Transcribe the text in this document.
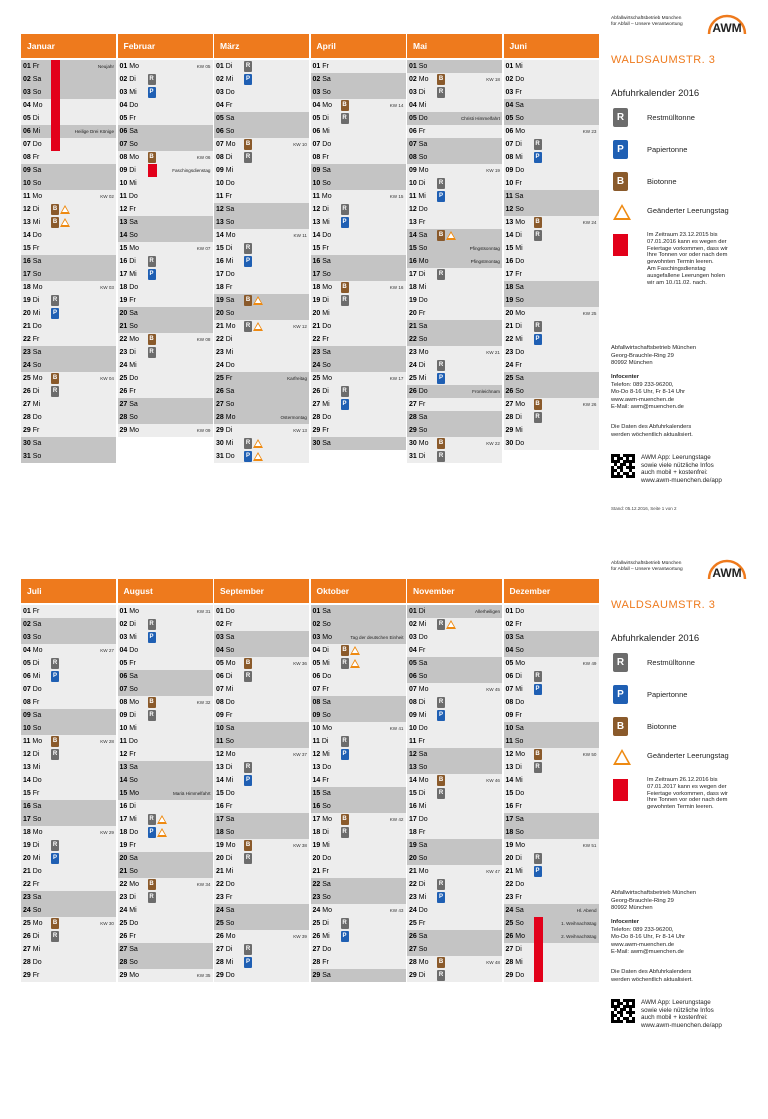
Januar
01 Fr	Neujahr
02 Sa
03 So
04 Mo
05 Di
06 Mi	Heilige Drei Könige
07 Do
08 Fr
09 Sa
10 So
11 Mo	KW 02
12 Di	B
13 Mi	B
14 Do
15 Fr
16 Sa
17 So
18 Mo	KW 03
19 Di	R
20 Mi	P
21 Do
22 Fr
23 Sa
24 So
25 Mo	B	KW 04
26 Di	R
27 Mi
28 Do
29 Fr
30 Sa
31 So
Februar
01 Mo	KW 05
02 Di	R
03 Mi	P
04 Do
05 Fr
06 Sa
07 So
08 Mo	B	KW 06
09 Di	Faschingsdienstag
10 Mi
11 Do
12 Fr
13 Sa
14 So
15 Mo	KW 07
16 Di	R
17 Mi	P
18 Do
19 Fr
20 Sa
21 So
22 Mo	B	KW 08
23 Di	R
24 Mi
25 Do
26 Fr
27 Sa
28 So
29 Mo	KW 09
März
01 Di	R
02 Mi	P
03 Do
04 Fr
05 Sa
06 So
07 Mo	B	KW 10
08 Di	R
09 Mi
10 Do
11 Fr
12 Sa
13 So
14 Mo	KW 11
15 Di	R
16 Mi	P
17 Do
18 Fr
19 Sa	B
20 So
21 Mo	R	KW 12
22 Di
23 Mi
24 Do
25 Fr	Karfreitag
26 Sa
27 So
28 Mo	Ostermontag
29 Di	KW 13
30 Mi	R
31 Do	P
April
01 Fr
02 Sa
03 So
04 Mo	B	KW 14
05 Di	R
06 Mi
07 Do
08 Fr
09 Sa
10 So
11 Mo	KW 15
12 Di	R
13 Mi	P
14 Do
15 Fr
16 Sa
17 So
18 Mo	B	KW 16
19 Di	R
20 Mi
21 Do
22 Fr
23 Sa
24 So
25 Mo	KW 17
26 Di	R
27 Mi	P
28 Do
29 Fr
30 Sa
Mai
01 So
02 Mo	B	KW 18
03 Di	R
04 Mi
05 Do	Christi Himmelfahrt
06 Fr
07 Sa
08 So
09 Mo	KW 19
10 Di	R
11 Mi	P
12 Do
13 Fr
14 Sa	B
15 So	Pfingstsonntag
16 Mo	Pfingstmontag
17 Di	R
18 Mi
19 Do
20 Fr
21 Sa
22 So
23 Mo	KW 21
24 Di	R
25 Mi	P
26 Do	Fronleichnam
27 Fr
28 Sa
29 So
30 Mo	B	KW 22
31 Di	R
Juni
01 Mi
02 Do
03 Fr
04 Sa
05 So
06 Mo	KW 23
07 Di	R
08 Mi	P
09 Do
10 Fr
11 Sa
12 So
13 Mo	B	KW 24
14 Di	R
15 Mi
16 Do
17 Fr
18 Sa
19 So
20 Mo	KW 25
21 Di	R
22 Mi	P
23 Do
24 Fr
25 Sa
26 So
27 Mo	B	KW 26
28 Di	R
29 Mi
30 Do
Abfallwirtschaftsbetrieb München
für Abfall – Unsere Verantwortung AWM
WALDSAUMSTR. 3
Abfuhrkalender 2016
R	Restmülltonne
P	Papiertonne
B	Biotonne
Geänderter Leerungstag
Im Zeitraum 23.12.2015 bis
07.01.2016 kann es wegen der
Feiertage vorkommen, dass wir
Ihre Tonnen vor oder nach dem
gewohnten Termin leeren.
Am Faschingsdienstag
ausgefallene Leerungen holen
wir am 10./11.02. nach.
Abfallwirtschaftsbetrieb München
Georg-Brauchle-Ring 29
80992 München
Infocenter
Telefon: 089 233-96200,
Mo-Do 8-16 Uhr, Fr 8-14 Uhr
www.awm-muenchen.de
E-Mail: awm@muenchen.de
Die Daten des Abfuhrkalenders
werden wöchentlich aktualisiert.
AWM App: Leerungstage
sowie viele nützliche Infos
auch mobil + kostenfrei:
www.awm-muenchen.de/app
Stand: 05.12.2016, Seite 1 von 2
Juli
01 Fr
02 Sa
03 So
04 Mo	KW 27
05 Di	R
06 Mi	P
07 Do
08 Fr
09 Sa
10 So
11 Mo	B	KW 28
12 Di	R
13 Mi
14 Do
15 Fr
16 Sa
17 So
18 Mo	KW 29
19 Di	R
20 Mi	P
21 Do
22 Fr
23 Sa
24 So
25 Mo	B	KW 30
26 Di	R
27 Mi
28 Do
29 Fr
August
01 Mo	KW 31
02 Di	R
03 Mi	P
04 Do
05 Fr
06 Sa
07 So
08 Mo	B	KW 32
09 Di	R
10 Mi
11 Do
12 Fr
13 Sa
14 So
15 Mo	Mariä Himmelfahrt
16 Di
17 Mi	R
18 Do	P
19 Fr
20 Sa
21 So
22 Mo	B	KW 34
23 Di	R
24 Mi
25 Do
26 Fr
27 Sa
28 So
29 Mo	KW 35
September
01 Do
02 Fr
03 Sa
04 So
05 Mo	B	KW 36
06 Di	R
07 Mi
08 Do
09 Fr
10 Sa
11 So
12 Mo	KW 37
13 Di	R
14 Mi	P
15 Do
16 Fr
17 Sa
18 So
19 Mo	B	KW 38
20 Di	R
21 Mi
22 Do
23 Fr
24 Sa
25 So
26 Mo	KW 39
27 Di	R
28 Mi	P
29 Do
Oktober
01 Sa
02 So
03 Mo	Tag der deutschen Einheit
04 Di	B
05 Mi	R
06 Do
07 Fr
08 Sa
09 So
10 Mo	KW 41
11 Di	R
12 Mi	P
13 Do
14 Fr
15 Sa
16 So
17 Mo	B	KW 42
18 Di	R
19 Mi
20 Do
21 Fr
22 Sa
23 So
24 Mo	KW 43
25 Di	R
26 Mi	P
27 Do
28 Fr
29 Sa
November
01 Di	Allerheiligen
02 Mi	R
03 Do
04 Fr
05 Sa
06 So
07 Mo	KW 45
08 Di	R
09 Mi	P
10 Do
11 Fr
12 Sa
13 So
14 Mo	B	KW 46
15 Di	R
16 Mi
17 Do
18 Fr
19 Sa
20 So
21 Mo	KW 47
22 Di	R
23 Mi	P
24 Do
25 Fr
26 Sa
27 So
28 Mo	B	KW 48
29 Di	R
Dezember
01 Do
02 Fr
03 Sa
04 So
05 Mo	KW 49
06 Di	R
07 Mi	P
08 Do
09 Fr
10 Sa
11 So
12 Mo	B	KW 50
13 Di	R
14 Mi
15 Do
16 Fr
17 Sa
18 So
19 Mo	KW 51
20 Di	R
21 Mi	P
22 Do
23 Fr
24 Sa	Hl. Abend
25 So	1. Weihnachtstag
26 Mo	2. Weihnachtstag
27 Di
28 Mi
29 Do
Abfallwirtschaftsbetrieb München
für Abfall – Unsere Verantwortung AWM
WALDSAUMSTR. 3
Abfuhrkalender 2016
R	Restmülltonne
P	Papiertonne
B	Biotonne
Geänderter Leerungstag
Im Zeitraum 26.12.2016 bis
07.01.2017 kann es wegen der
Feiertage vorkommen, dass wir
Ihre Tonnen vor oder nach dem
gewohnten Termin leeren.
Abfallwirtschaftsbetrieb München
Georg-Brauchle-Ring 29
80992 München
Infocenter
Telefon: 089 233-96200,
Mo-Do 8-16 Uhr, Fr 8-14 Uhr
www.awm-muenchen.de
E-Mail: awm@muenchen.de
Die Daten des Abfuhrkalenders
werden wöchentlich aktualisiert.
AWM App: Leerungstage
sowie viele nützliche Infos
auch mobil + kostenfrei:
www.awm-muenchen.de/app
